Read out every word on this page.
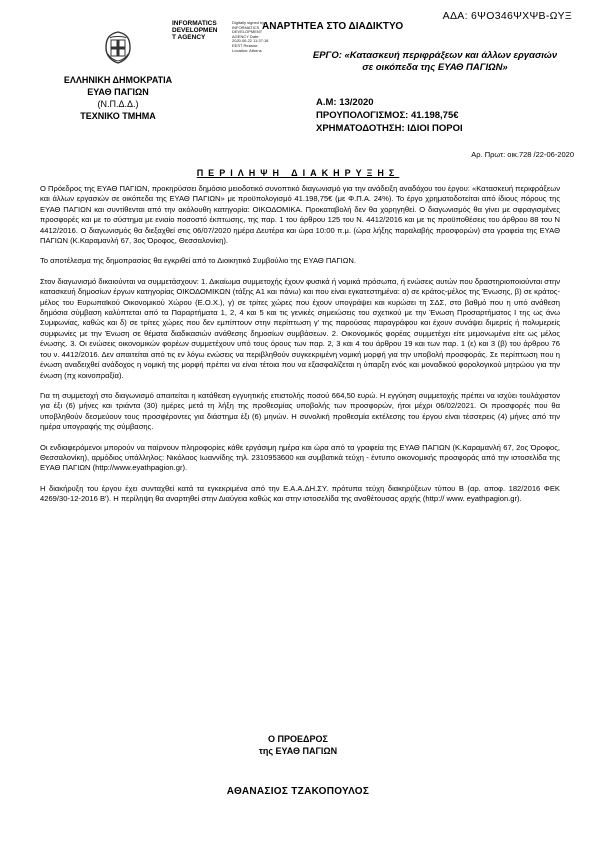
ΑΔΑ: 6ΨΟ346ΨΧΨΒ-ΩΥΞ
INFORMATICS
DEVELOPMEN
T AGENCY
Digitally signed by INFORMATICS DEVELOPMENT AGENCY Date: 2020.06.22 11:37:18 EEST Reason: Location: Athens
ΑΝΑΡΤΗΤΕΑ ΣΤΟ ΔΙΑΔΙΚΤΥΟ
ΕΛΛΗΝΙΚΗ ΔΗΜΟΚΡΑΤΙΑ
ΕΥΑΘ ΠΑΓΙΩΝ
(Ν.Π.Δ.Δ.)
ΤΕΧΝΙΚΟ ΤΜΗΜΑ
ΕΡΓΟ: «Κατασκευή περιφράξεων και άλλων εργασιών
σε οικόπεδα της ΕΥΑΘ ΠΑΓΙΩΝ»
Α.Μ: 13/2020
ΠΡΟΥΠΟΛΟΓΙΣΜΟΣ: 41.198,75€
ΧΡΗΜΑΤΟΔΟΤΗΣΗ: ΙΔΙΟΙ ΠΟΡΟΙ
Αρ. Πρωτ: οικ.728 /22-06-2020
ΠΕΡΙΛΗΨΗ ΔΙΑΚΗΡΥΞΗΣ

Ο Πρόεδρος της ΕΥΑΘ ΠΑΓΙΩΝ, προκηρύσσει δημόσιο μειοδοτικό συνοπτικό διαγωνισμό για την ανάδειξη αναδόχου του έργου: «Κατασκευή περιφράξεων και άλλων εργασιών σε οικόπεδα της ΕΥΑΘ ΠΑΓΙΩΝ» με προϋπολογισμό 41.198,75€ (με Φ.Π.Α. 24%). Το έργο χρηματοδοτείται από ίδιους πόρους της ΕΥΑΘ ΠΑΓΙΩΝ και συντίθενται από την ακόλουθη κατηγορία: ΟΙΚΟΔΟΜΙΚΑ. Προκαταβολή δεν θα χορηγηθεί. Ο διαγωνισμός θα γίνει με σφραγισμένες προσφορές και με το σύστημα με ενιαίο ποσοστό έκπτωσης, της παρ. 1 του άρθρου 125 του Ν. 4412/2016 και με τις προϋποθέσεις του άρθρου 88 του Ν 4412/2016. Ο διαγωνισμός θα διεξαχθεί στις 06/07/2020 ημέρα Δευτέρα και ώρα 10:00 π.μ. (ώρα λήξης παραλαβής προσφορών) στα γραφεία της ΕΥΑΘ ΠΑΓΙΩΝ (Κ.Καραμανλή 67, 3ος Όροφος, Θεσσαλονίκη).

Το αποτέλεσμα της δημοπρασίας θα εγκριθεί από το Διοικητικό Συμβούλιο της ΕΥΑΘ ΠΑΓΙΩΝ.

Στον διαγωνισμό δικαιούνται να συμμετάσχουν: 1. Δικαίωμα συμμετοχής έχουν φυσικά ή νομικά πρόσωπα, ή ενώσεις αυτών που δραστηριοποιούνται στην κατασκευή δημοσίων έργων κατηγορίας ΟΙΚΟΔΟΜΙΚΩΝ (τάξης Α1 και πάνω) και που είναι εγκατεστημένα: α) σε κράτος-μέλος της Ένωσης, β) σε κράτος-μέλος του Ευρωπαϊκού Οικονομικού Χώρου (Ε.Ο.Χ.), γ) σε τρίτες χώρες που έχουν υπογράψει και κυρώσει τη ΣΔΣ, στο βαθμό που η υπό ανάθεση δημόσια σύμβαση καλύπτεται από τα Παραρτήματα 1, 2, 4 και 5 και τις γενικές σημειώσεις του σχετικού με την Ένωση Προσαρτήματος I της ως άνω Συμφωνίας, καθώς και δ) σε τρίτες χώρες που δεν εμπίπτουν στην περίπτωση γ' της παρούσας παραγράφου και έχουν συνάψει διμερείς ή πολυμερείς συμφωνίες με την Ένωση σε θέματα διαδικασιών ανάθεσης δημοσίων συμβάσεων. 2. Οικονομικός φορέας συμμετέχει είτε μεμονωμένα είτε ως μέλος ένωσης. 3. Οι ενώσεις οικονομικών φορέων συμμετέχουν υπό τους όρους των παρ. 2, 3 και 4 του άρθρου 19 και των παρ. 1 (ε) και 3 (β) του άρθρου 76 του ν. 4412/2016. Δεν απαιτείται από τις εν λόγω ενώσεις να περιβληθούν συγκεκριμένη νομική μορφή για την υποβολή προσφοράς. Σε περίπτωση που η ένωση αναδειχθεί ανάδοχος η νομική της μορφή πρέπει να είναι τέτοια που να εξασφαλίζεται η ύπαρξη ενός και μοναδικού φορολογικού μητρώου για την ένωση (πχ κοινοπραξία).

Για τη συμμετοχή στο διαγωνισμό απαιτείται η κατάθεση εγγυητικής επιστολής ποσού 664,50 ευρώ. Η εγγύηση συμμετοχής πρέπει να ισχύει τουλάχιστον για έξι (6) μήνες και τριάντα (30) ημέρες μετά τη λήξη της προθεσμίας υποβολής των προσφορών, ήτοι μέχρι 06/02/2021. Οι προσφορές που θα υποβληθούν δεσμεύουν τους προσφέροντες για διάστημα έξι (6) μηνών. Η συνολική προθεσμία εκτέλεσης του έργου είναι τέσσερεις (4) μήνες από την ημέρα υπογραφής της σύμβασης.

Οι ενδιαφερόμενοι μπορούν να παίρνουν πληροφορίες κάθε εργάσιμη ημέρα και ώρα από τα γραφεία της ΕΥΑΘ ΠΑΓΙΩΝ (Κ.Καραμανλή 67, 2ος Όροφος, Θεσσαλονίκη), αρμόδιος υπάλληλος: Νικόλαος Ιωαννίδης τηλ. 2310953600 και συμβατικά τεύχη - έντυπο οικονομικής προσφοράς από την ιστοσελίδα της ΕΥΑΘ ΠΑΓΙΩΝ (http://www.eyathpagion.gr).

Η διακήρυξη του έργου έχει συνταχθεί κατά τα εγκεκριμένα από την Ε.Α.Α.ΔΗ.ΣΥ. πρότυπα τεύχη διακηρύξεων τύπου Β (αρ. αποφ. 182/2016 ΦΕΚ 4269/30-12-2016 Β'). Η περίληψη θα αναρτηθεί στην Διαύγεια καθώς και στην ιστοσελίδα της αναθέτουσας αρχής (http:// www. eyathpagion.gr).

Ο ΠΡΟΕΔΡΟΣ
της ΕΥΑΘ ΠΑΓΙΩΝ
ΑΘΑΝΑΣΙΟΣ ΤΖΑΚΟΠΟΥΛΟΣ
